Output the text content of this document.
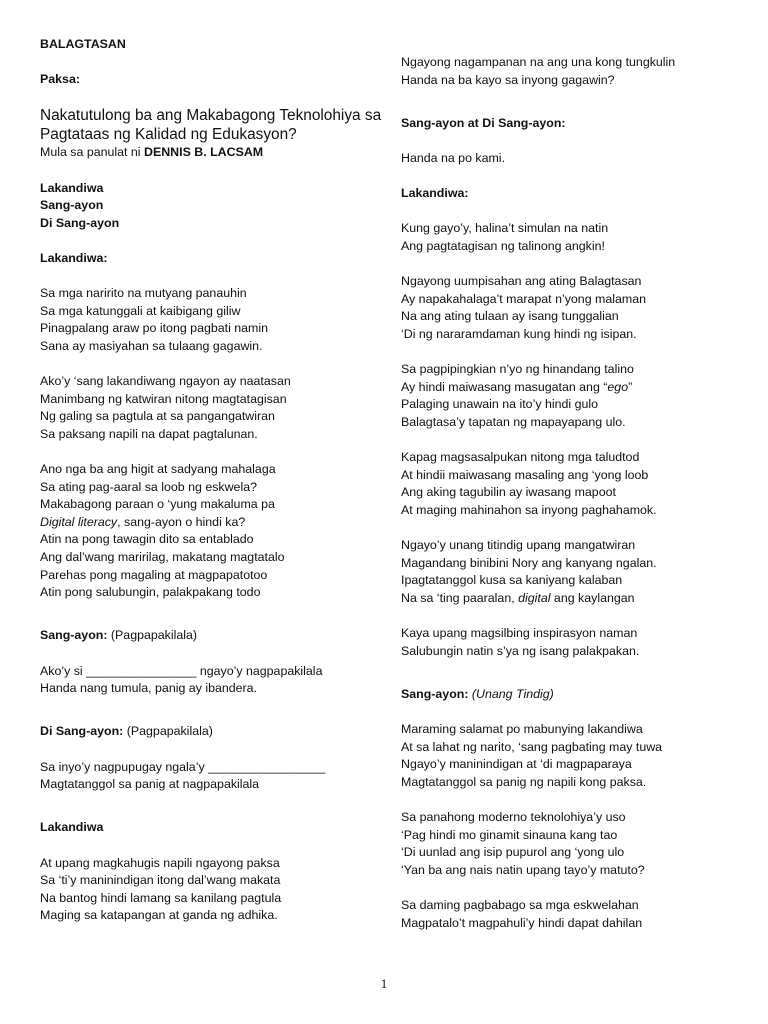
BALAGTASAN
Paksa:
Nakatutulong ba ang Makabagong Teknolohiya sa
Pagtataas ng Kalidad ng Edukasyon?
Mula sa panulat ni DENNIS B. LACSAM
Lakandiwa
Sang-ayon
Di Sang-ayon
Lakandiwa:
Sa mga naririto na mutyang panauhin
Sa mga katunggali at kaibigang giliw
Pinagpalang araw po itong pagbati namin
Sana ay masiyahan sa tulaang gagawin.
Ako’y ‘sang lakandiwang ngayon ay naatasan
Manimbang ng katwiran nitong magtatagisan
Ng galing sa pagtula at sa pangangatwiran
Sa paksang napili na dapat pagtalunan.
Ano nga ba ang higit at sadyang mahalaga
Sa ating pag-aaral sa loob ng eskwela?
Makabagong paraan o ‘yung makaluma pa
Digital literacy, sang-ayon o hindi ka?
Atin na pong tawagin dito sa entablado
Ang dal’wang maririlag, makatang magtatalo
Parehas pong magaling at magpapatotoo
Atin pong salubungin, palakpakang todo
Sang-ayon: (Pagpapakilala)
Ako’y si ________________ ngayo’y nagpapakilala
Handa nang tumula, panig ay ibandera.
Di Sang-ayon: (Pagpapakilala)
Sa inyo’y nagpupugay ngala’y _________________
Magtatanggol sa panig at nagpapakilala
Lakandiwa
At upang magkahugis napili ngayong paksa
Sa ‘ti’y maninindigan itong dal’wang makata
Na bantog hindi lamang sa kanilang pagtula
Maging sa katapangan at ganda ng adhika.
Ngayong nagampanan na ang una kong tungkulin
Handa na ba kayo sa inyong gagawin?
Sang-ayon at Di Sang-ayon:
Handa na po kami.
Lakandiwa:
Kung gayo’y, halina’t simulan na natin
Ang pagtatagisan ng talinong angkin!
Ngayong uumpisahan ang ating Balagtasan
Ay napakahalaga’t marapat n’yong malaman
Na ang ating tulaan ay isang tunggalian
‘Di ng nararamdaman kung hindi ng isipan.
Sa pagpipingkian n’yo ng hinandang talino
Ay hindi maiwasang masugatan ang “ego”
Palaging unawain na ito’y hindi gulo
Balagtasa’y tapatan ng mapayapang ulo.
Kapag magsasalpukan nitong mga taludtod
At hindii maiwasang masaling ang ‘yong loob
Ang aking tagubilin ay iwasang mapoot
At maging mahinahon sa inyong paghahamok.
Ngayo’y unang titindig upang mangatwiran
Magandang binibini Nory ang kanyang ngalan.
Ipagtatanggol kusa sa kaniyang kalaban
Na sa ‘ting paaralan, digital ang kaylangan
Kaya upang magsilbing inspirasyon naman
Salubungin natin s’ya ng isang palakpakan.
Sang-ayon: (Unang Tindig)
Maraming salamat po mabunying lakandiwa
At sa lahat ng narito, ‘sang pagbating may tuwa
Ngayo’y maninindigan at ‘di magpaparaya
Magtatanggol sa panig ng napili kong paksa.
Sa panahong moderno teknolohiya’y uso
‘Pag hindi mo ginamit sinauna kang tao
‘Di uunlad ang isip pupurol ang ‘yong ulo
‘Yan ba ang nais natin upang tayo’y matuto?
Sa daming pagbabago sa mga eskwelahan
Magpatalo’t magpahuli’y hindi dapat dahilan
1
